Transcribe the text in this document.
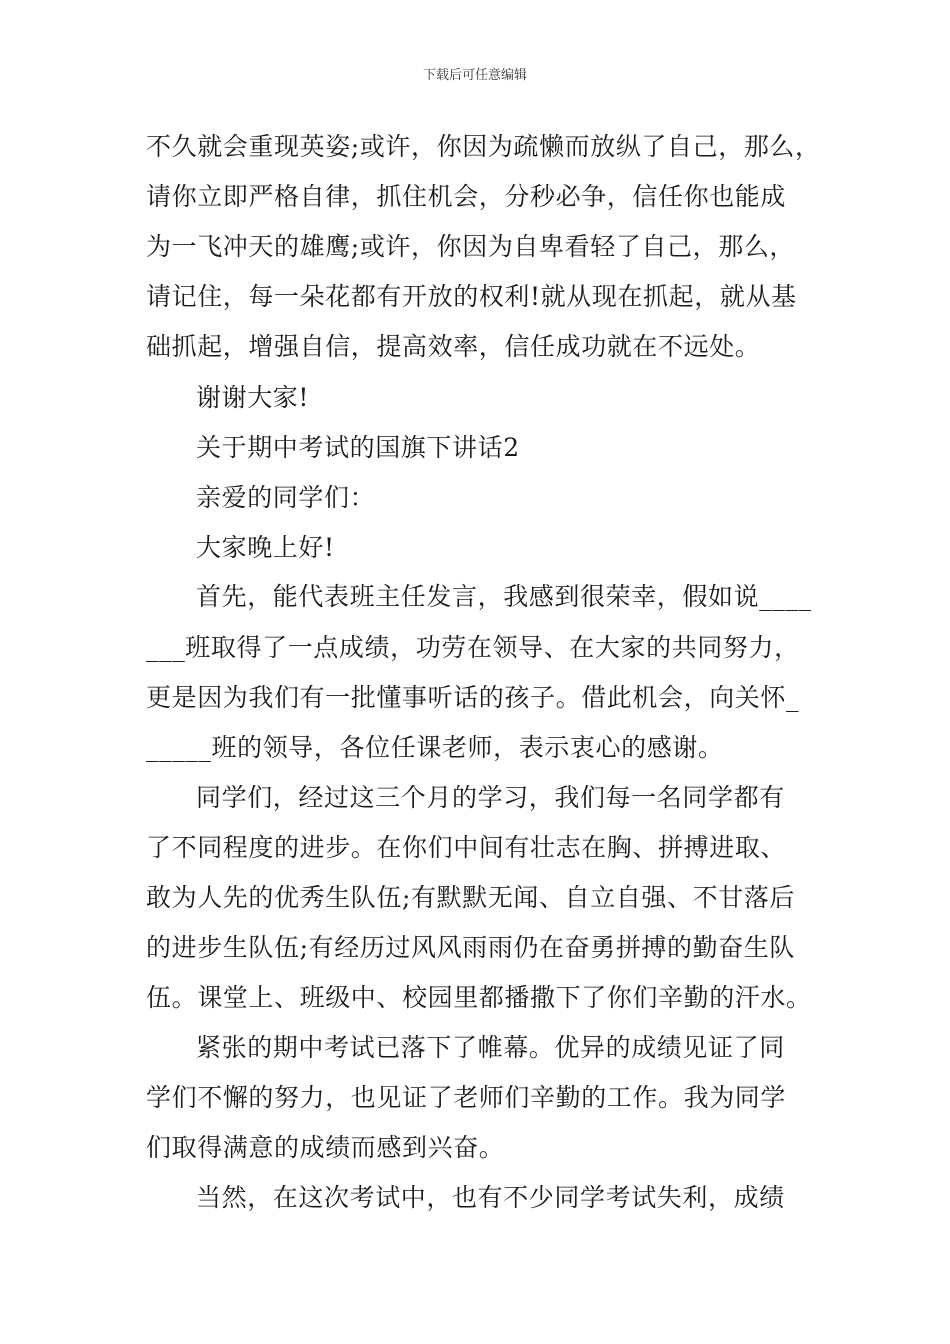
下载后可任意编辑
不久就会重现英姿;或许，你因为疏懒而放纵了自己，那么，
请你立即严格自律，抓住机会，分秒必争，信任你也能成
为一飞冲天的雄鹰;或许，你因为自卑看轻了自己，那么，
请记住，每一朵花都有开放的权利!就从现在抓起，就从基
础抓起，增强自信，提高效率，信任成功就在不远处。
谢谢大家!
关于期中考试的国旗下讲话2
亲爱的同学们：
大家晚上好!
首先，能代表班主任发言，我感到很荣幸，假如说____
___班取得了一点成绩，功劳在领导、在大家的共同努力，
更是因为我们有一批懂事听话的孩子。借此机会，向关怀_
_____班的领导，各位任课老师，表示衷心的感谢。
同学们，经过这三个月的学习，我们每一名同学都有
了不同程度的进步。在你们中间有壮志在胸、拼搏进取、
敢为人先的优秀生队伍;有默默无闻、自立自强、不甘落后
的进步生队伍;有经历过风风雨雨仍在奋勇拼搏的勤奋生队
伍。课堂上、班级中、校园里都播撒下了你们辛勤的汗水。
紧张的期中考试已落下了帷幕。优异的成绩见证了同
学们不懈的努力，也见证了老师们辛勤的工作。我为同学
们取得满意的成绩而感到兴奋。
当然，在这次考试中，也有不少同学考试失利，成绩
